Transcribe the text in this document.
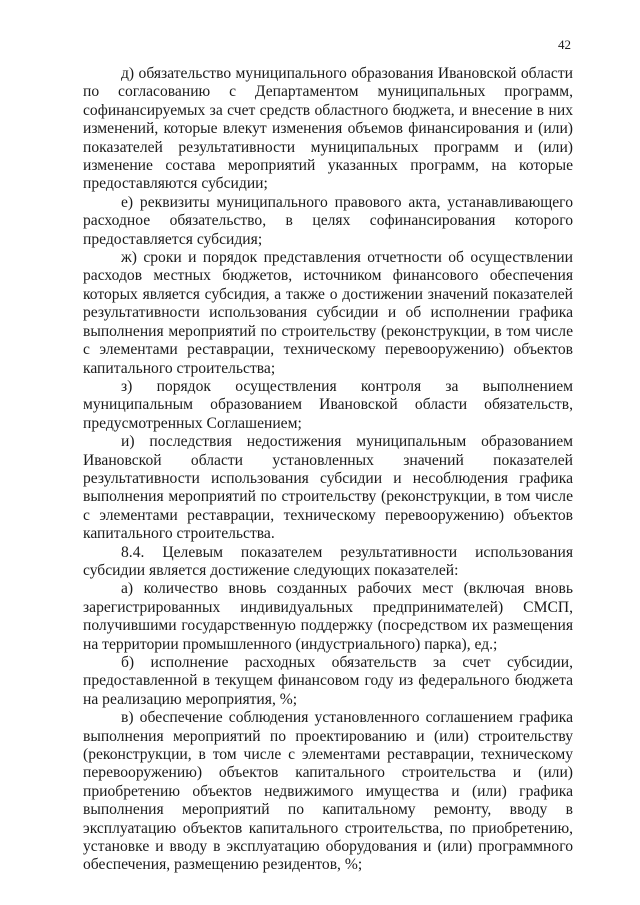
42

д) обязательство муниципального образования Ивановской области по согласованию с Департаментом муниципальных программ, софинансируемых за счет средств областного бюджета, и внесение в них изменений, которые влекут изменения объемов финансирования и (или) показателей результативности муниципальных программ и (или) изменение состава мероприятий указанных программ, на которые предоставляются субсидии;

е) реквизиты муниципального правового акта, устанавливающего расходное обязательство, в целях софинансирования которого предоставляется субсидия;

ж) сроки и порядок представления отчетности об осуществлении расходов местных бюджетов, источником финансового обеспечения которых является субсидия, а также о достижении значений показателей результативности использования субсидии и об исполнении графика выполнения мероприятий по строительству (реконструкции, в том числе с элементами реставрации, техническому перевооружению) объектов капитального строительства;

з) порядок осуществления контроля за выполнением муниципальным образованием Ивановской области обязательств, предусмотренных Соглашением;

и) последствия недостижения муниципальным образованием Ивановской области установленных значений показателей результативности использования субсидии и несоблюдения графика выполнения мероприятий по строительству (реконструкции, в том числе с элементами реставрации, техническому перевооружению) объектов капитального строительства.

8.4. Целевым показателем результативности использования субсидии является достижение следующих показателей:

а) количество вновь созданных рабочих мест (включая вновь зарегистрированных индивидуальных предпринимателей) СМСП, получившими государственную поддержку (посредством их размещения на территории промышленного (индустриального) парка), ед.;

б) исполнение расходных обязательств за счет субсидии, предоставленной в текущем финансовом году из федерального бюджета на реализацию мероприятия, %;

в) обеспечение соблюдения установленного соглашением графика выполнения мероприятий по проектированию и (или) строительству (реконструкции, в том числе с элементами реставрации, техническому перевооружению) объектов капитального строительства и (или) приобретению объектов недвижимого имущества и (или) графика выполнения мероприятий по капитальному ремонту, вводу в эксплуатацию объектов капитального строительства, по приобретению, установке и вводу в эксплуатацию оборудования и (или) программного обеспечения, размещению резидентов, %;
